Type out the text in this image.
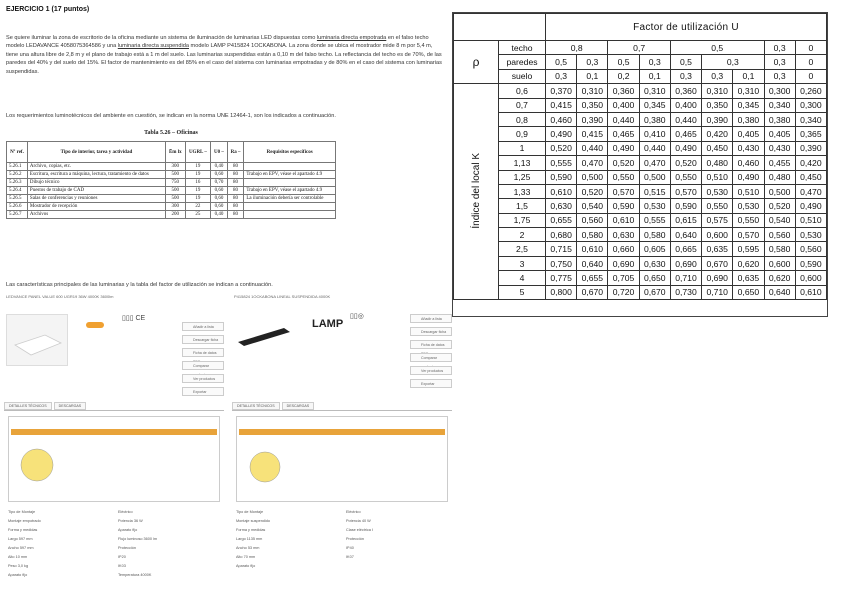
EJERCICIO 1 (17 puntos)
Se quiere iluminar la zona de escritorio de la oficina mediante un sistema de iluminación de luminarias LED dispuestas como luminaria directa empotrada en el falso techo modelo LEDAVANCE 4058075364586 y una luminaria directa suspendida modelo LAMP P415824 1OCKABONA. La zona donde se ubica el mostrador mide 8 m por 5,4 m, tiene una altura libre de 2,8 m y el plano de trabajo está a 1 m del suelo. Las luminarias suspendidas están a 0,10 m del falso techo. La reflectancia del techo es de 70%, de las paredes del 40% y del suelo del 15%. El factor de mantenimiento es del 85% en el caso del sistema con luminarias empotradas y de 80% en el caso del sistema con luminarias suspendidas.
Los requerimientos luminotécnicos del ambiente en cuestión, se indican en la norma UNE 12464-1, son los indicados a continuación.
Tabla 5.26 – Oficinas
Nº ref.	Tipo de interior, tarea y actividad	Ēm lx	UGRL –	U0 –	Ra –	Requisitos específicos
5.26.1	Archivo, copias, etc.	300	19	0,40	80	
5.26.2	Escritura, escritura a máquina, lectura, tratamiento de datos	500	19	0,60	80	Trabajo en EPV, véase el apartado 4.9
5.26.3	Dibujo técnico	750	16	0,70	80	
5.26.4	Puestos de trabajo de CAD	500	19	0,60	80	Trabajo en EPV, véase el apartado 4.9
5.26.5	Salas de conferencias y reuniones	500	19	0,60	80	La iluminación debería ser controlable
5.26.6	Mostrador de recepción	300	22	0,60	80	
5.26.7	Archivos	200	25	0,40	80	
Las características principales de las luminarias y la tabla del factor de utilización se indican a continuación.
LEDVANCE PANEL VALUE 600 UGR19 36W 4000K 3600lm
▯▯▯ CE
Añadir a lista
Descargar ficha
Ficha de datos
Comparar
Ver productos
Exportar
DETALLES TÉCNICOS	DESCARGAS
Tipo de Montaje
Montaje empotrado
Forma y medidas
Largo 597 mm
Ancho 597 mm
Alto 10 mm
Peso 3,0 kg
Aparato fijo
Eléctrico
Potencia 36 W
Aparato fijo
Flujo luminoso 3600 lm
Protección
IP20
IK03
Temperatura 4000K
P415824 1OCKABONA LINEAL SUSPENDIDA 4000K
LAMP
▯▯◎	Añadir a lista
Descargar ficha
Ficha de datos
Comparar
Ver productos
Exportar
DETALLES TÉCNICOS	DESCARGAS
Tipo de Montaje
Montaje suspendido
Forma y medidas
Largo 1135 mm
Ancho 53 mm
Alto 70 mm
Aparato fijo
Eléctrico
Potencia 40 W
Clase eléctrica I
Protección
IP40
IK07
		Factor de utilización U								
ρ	techo	0,8		0,7		0,5			0,3	0
	paredes	0,5	0,3	0,5	0,3	0,5	0,3		0,3	0
	suelo	0,3	0,1	0,2	0,1	0,3	0,3	0,1	0,3	0
Índice del local K	0,6	0,370	0,310	0,360	0,310	0,360	0,310	0,310	0,300	0,260
	0,7	0,415	0,350	0,400	0,345	0,400	0,350	0,345	0,340	0,300
	0,8	0,460	0,390	0,440	0,380	0,440	0,390	0,380	0,380	0,340
	0,9	0,490	0,415	0,465	0,410	0,465	0,420	0,405	0,405	0,365
	1	0,520	0,440	0,490	0,440	0,490	0,450	0,430	0,430	0,390
	1,13	0,555	0,470	0,520	0,470	0,520	0,480	0,460	0,455	0,420
	1,25	0,590	0,500	0,550	0,500	0,550	0,510	0,490	0,480	0,450
	1,33	0,610	0,520	0,570	0,515	0,570	0,530	0,510	0,500	0,470
	1,5	0,630	0,540	0,590	0,530	0,590	0,550	0,530	0,520	0,490
	1,75	0,655	0,560	0,610	0,555	0,615	0,575	0,550	0,540	0,510
	2	0,680	0,580	0,630	0,580	0,640	0,600	0,570	0,560	0,530
	2,5	0,715	0,610	0,660	0,605	0,665	0,635	0,595	0,580	0,560
	3	0,750	0,640	0,690	0,630	0,690	0,670	0,620	0,600	0,590
	4	0,775	0,655	0,705	0,650	0,710	0,690	0,635	0,620	0,600
	5	0,800	0,670	0,720	0,670	0,730	0,710	0,650	0,640	0,610
